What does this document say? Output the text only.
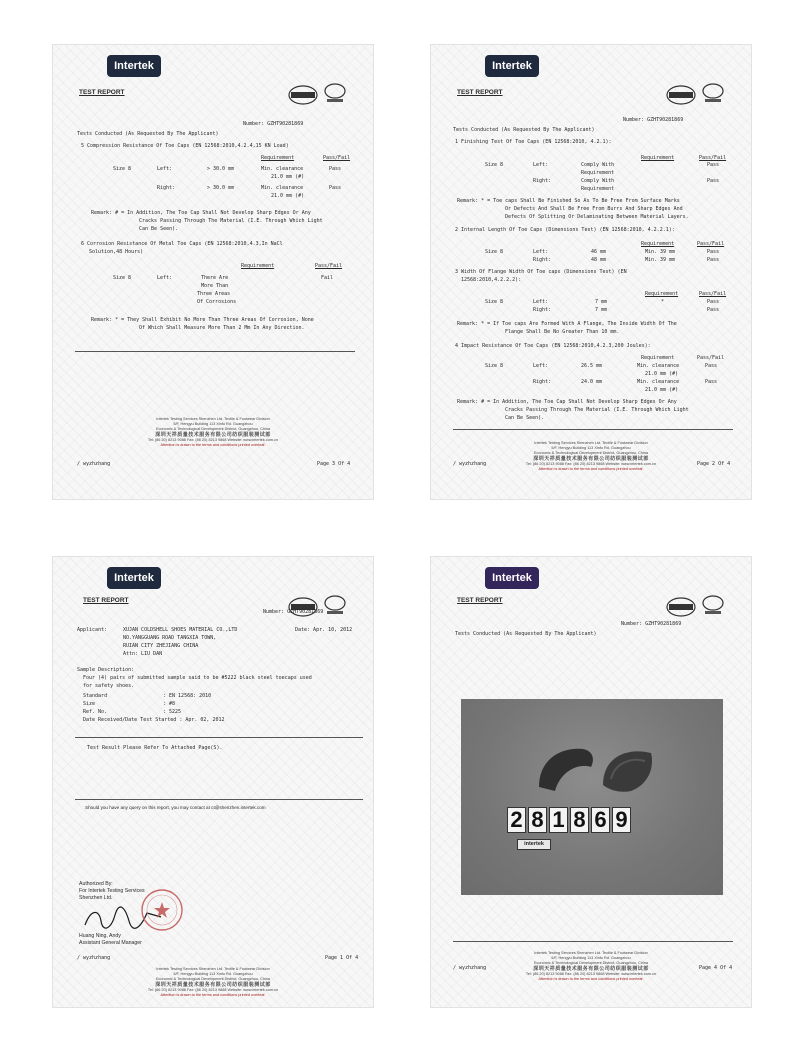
Intertek
TEST REPORT
Number: GZHT90281869
Tests Conducted (As Requested By The Applicant)
5 Compression Resistance Of Toe Caps (EN 12568:2010,4.2.4,15 KN Load)
Requirement	Pass/Fail
Size 8	Left:	> 30.0 mm	Min. clearance	Pass
21.0 mm (#)
Right:	> 30.0 mm	Min. clearance	Pass
21.0 mm (#)
Remark: # = In Addition, The Toe Cap Shall Not Develop Sharp Edges Or Any
Cracks Passing Through The Material (I.E. Through Which Light
Can Be Seen).
6 Corrosion Resistance Of Metal Toe Caps (EN 12568:2010,4.3,In NaCl
Solution,48 Hours)
Requirement	Pass/Fail
Size 8	Left:	There Are	Fail
More Than
Three Areas
Of Corrosions
Remark: * = They Shall Exhibit No More Than Three Areas Of Corrosion, None
Of Which Shall Measure More Than 2 Mm In Any Direction.
Intertek Testing Services Shenzhen Ltd. Textile & Footwear Division
5/F, Hengyu Building 113 Xinfu Rd. Guangzhou
Economic & Technological Development District, Guangzhou, China
深圳天祥质量技术服务有限公司纺织服装测试部
Tel: (86 20) 8213 9088 Fax: (86 20) 8213 9868 Website: www.intertek.com.cn
Attention is drawn to the terms and conditions printed overleaf.
/ wyzhzhang	Page 3 Of 4
Intertek
TEST REPORT
Number: GZHT90281869
Tests Conducted (As Requested By The Applicant)
1 Finishing Test Of Toe Caps (EN 12568:2010, 4.2.1):
Requirement	Pass/Fail
Size 8	Left:	Comply With	Pass
Requirement
Right:	Comply With	Pass
Requirement
Remark: * = Toe caps Shall Be Finished So As To Be Free From Surface Marks
Or Defects And Shall Be Free From Burrs And Sharp Edges And
Defects Of Splitting Or Delaminating Between Material Layers.
2 Internal Length Of Toe Caps (Dimensions Test) (EN 12568:2010, 4.2.2.1):
Requirement	Pass/Fail
Size 8	Left:	46 mm	Min. 39 mm	Pass
Right:	48 mm	Min. 39 mm	Pass
3 Width Of Flange Width Of Toe caps (Dimensions Test) (EN
12568:2010,4.2.2.2):
Requirement	Pass/Fail
Size 8	Left:	7 mm	*	Pass
Right:	7 mm	Pass
Remark: * = If Toe caps Are Formed With A Flange, The Inside Width Of The
Flange Shall Be No Greater Than 10 mm.
4 Impact Resistance Of Toe Caps (EN 12568:2010,4.2.3,200 Joules):
Requirement	Pass/Fail
Size 8	Left:	26.5 mm	Min. clearance	Pass
21.0 mm (#)
Right:	24.0 mm	Min. clearance	Pass
21.0 mm (#)
Remark: # = In Addition, The Toe Cap Shall Not Develop Sharp Edges Or Any
Cracks Passing Through The Material (I.E. Through Which Light
Can Be Seen).
Intertek Testing Services Shenzhen Ltd. Textile & Footwear Division
5/F, Hengyu Building 113 Xinfu Rd. Guangzhou
Economic & Technological Development District, Guangzhou, China
深圳天祥质量技术服务有限公司纺织服装测试部
Tel: (86 20) 8213 9088 Fax: (86 20) 8213 9868 Website: www.intertek.com.cn
Attention is drawn to the terms and conditions printed overleaf.
/ wyzhzhang	Page 2 Of 4
Intertek
TEST REPORT
Number: GZHT90281869
Applicant:	XUJAN COLDSHELL SHOES MATERIAL CO.,LTD	Date: Apr. 10, 2012
NO.YANGGUANG ROAD TANGXIA TOWN,
RUIAN CITY ZHEJIANG CHINA
Attn: LIU DAN
Sample Description:
Four (4) pairs of submitted sample said to be #5222 black steel toecaps used
for safety shoes.
Standard	: EN 12568: 2010
Size	: #8
Ref. No.	: 5225
Date Received/Date Test Started : Apr. 02, 2012
Test Result Please Refer To Attached Page(S).
Should you have any query on this report, you may contact at ct@shenzhen.intertek.com
Authorized By:
For Intertek Testing Services
Shenzhen Ltd.
Huang Ning, Andy
Assistant General Manager
/ wyzhzhang	Page 1 Of 4
Intertek Testing Services Shenzhen Ltd. Textile & Footwear Division
5/F, Hengyu Building 113 Xinfu Rd. Guangzhou
Economic & Technological Development District, Guangzhou, China
深圳天祥质量技术服务有限公司纺织服装测试部
Tel: (86 20) 8213 9088 Fax: (86 20) 8213 9868 Website: www.intertek.com.cn
Attention is drawn to the terms and conditions printed overleaf.
Intertek
TEST REPORT
Number: GZHT90281869
Tests Conducted (As Requested By The Applicant)
2 8 1 8 6 9
intertek
Intertek Testing Services Shenzhen Ltd. Textile & Footwear Division
5/F, Hengyu Building 113 Xinfu Rd. Guangzhou
Economic & Technological Development District, Guangzhou, China
深圳天祥质量技术服务有限公司纺织服装测试部
Tel: (86 20) 8213 9088 Fax: (86 20) 8213 9868 Website: www.intertek.com.cn
Attention is drawn to the terms and conditions printed overleaf.
/ wyzhzhang	Page 4 Of 4
